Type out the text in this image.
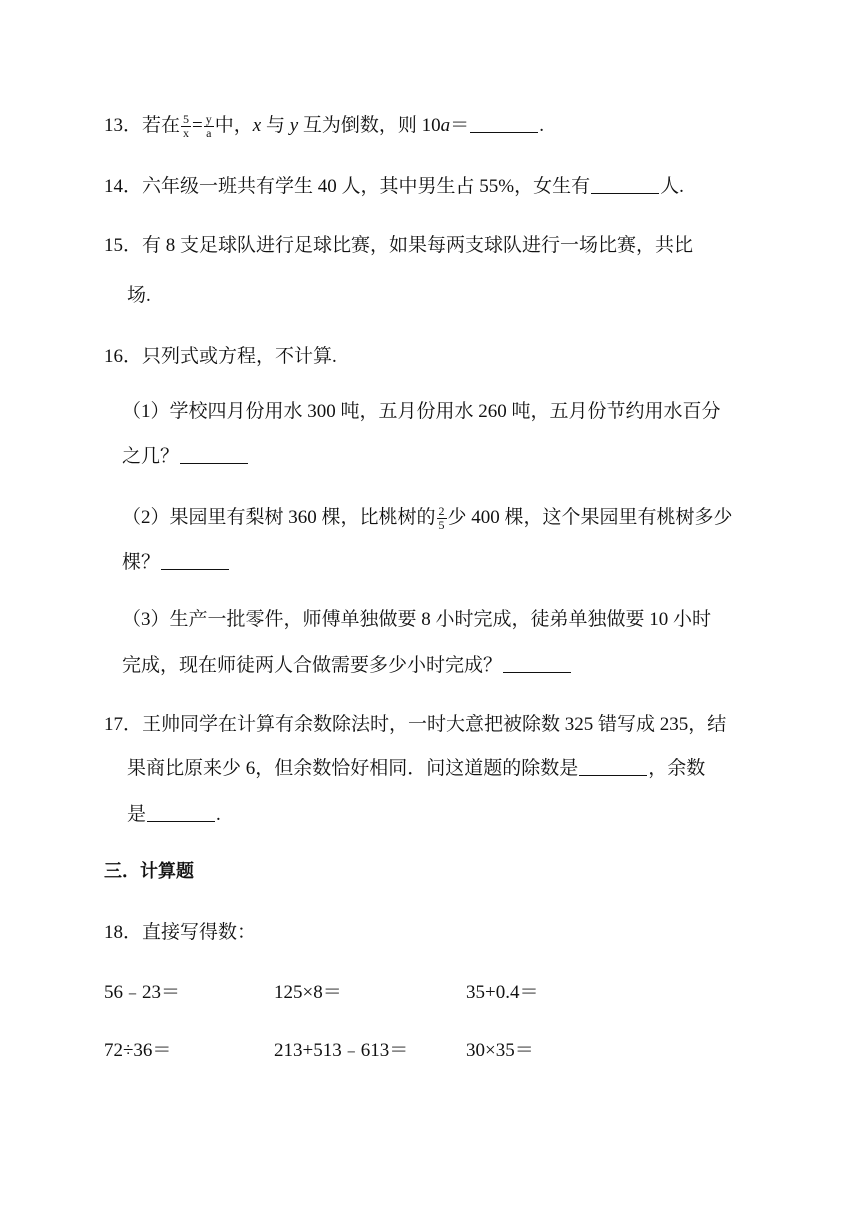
13．若在 $\frac{5}{x} = \frac{y}{a}$ 中，x 与 y 互为倒数，则 10a＝	.
14．六年级一班共有学生 40 人，其中男生占 55%，女生有	人.
15．有 8 支足球队进行足球比赛，如果每两支球队进行一场比赛，共比
场.
16．只列式或方程，不计算.
（1）学校四月份用水 300 吨，五月份用水 260 吨，五月份节约用水百分
之几？
（2）果园里有梨树 360 棵，比桃树的 $\frac{2}{5}$ 少 400 棵，这个果园里有桃树多少
棵？
（3）生产一批零件，师傅单独做要 8 小时完成，徒弟单独做要 10 小时
完成，现在师徒两人合做需要多少小时完成？
17．王帅同学在计算有余数除法时，一时大意把被除数 325 错写成 235，结
果商比原来少 6，但余数恰好相同．问这道题的除数是	，余数
是	.
三．计算题
18．直接写得数：
56﹣23＝	125×8＝	35+0.4＝
72÷36＝	213+513﹣613＝	30×35＝
